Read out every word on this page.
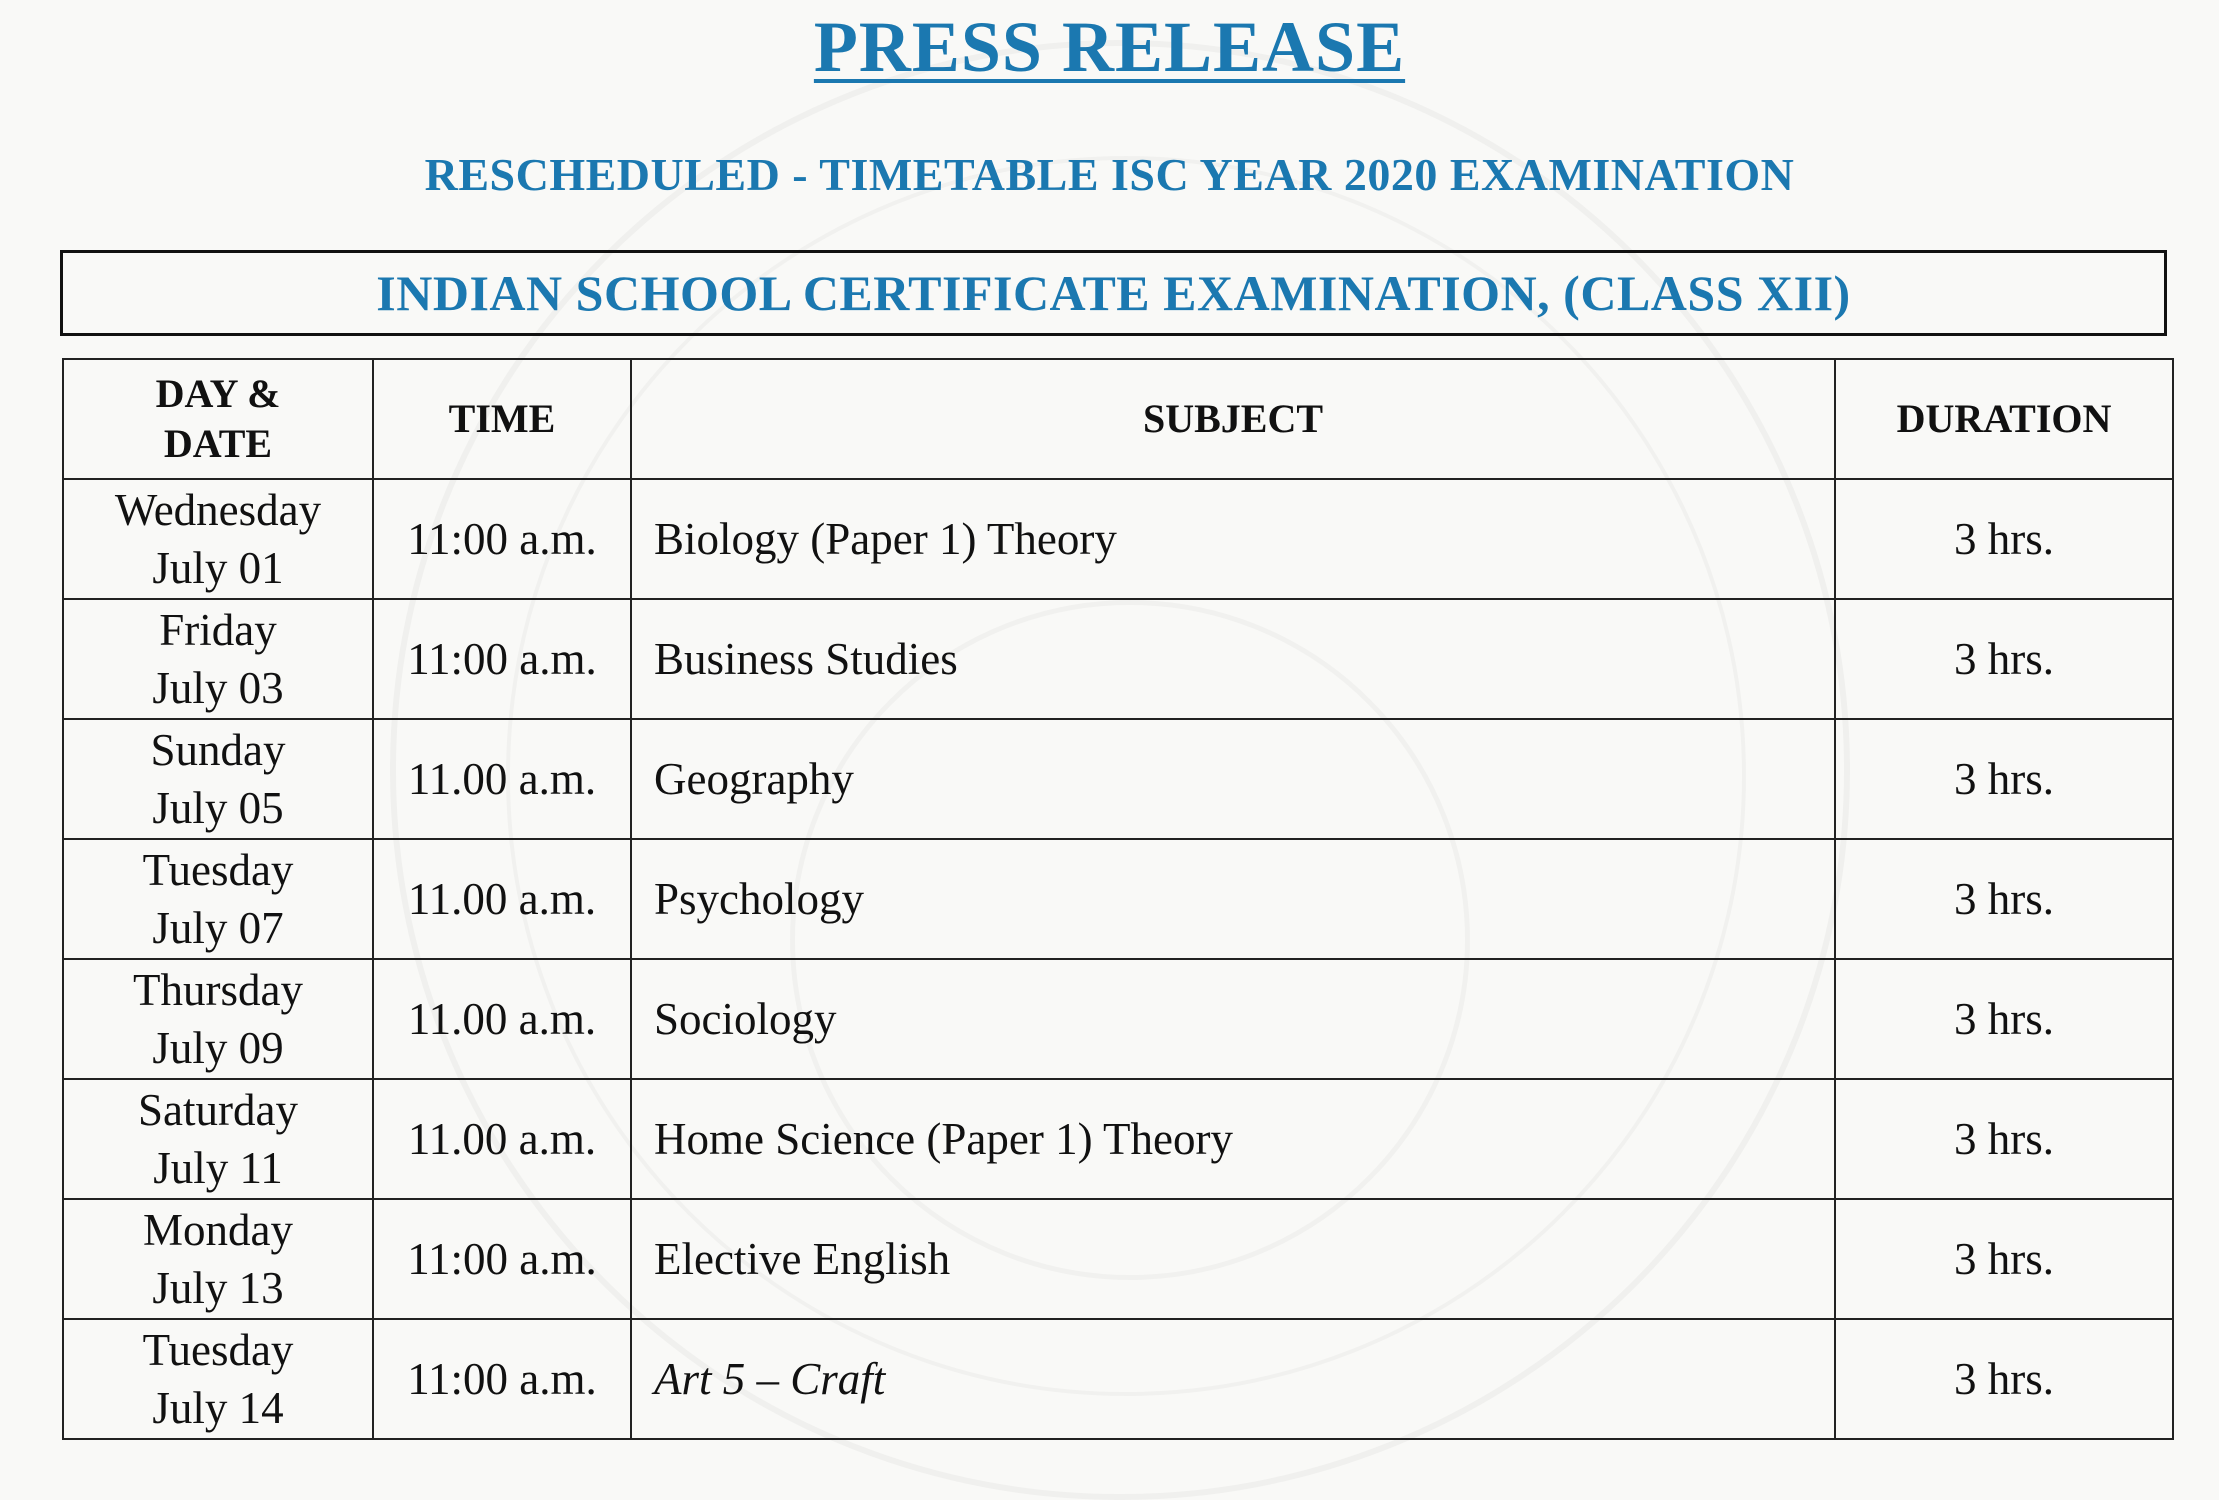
PRESS RELEASE
RESCHEDULED - TIMETABLE ISC YEAR 2020 EXAMINATION
INDIAN SCHOOL CERTIFICATE EXAMINATION, (CLASS XII)
DAY &
DATE	TIME	SUBJECT	DURATION

Wednesday
July 01	11:00 a.m.	Biology (Paper 1) Theory	3 hrs.

Friday
July 03	11:00 a.m.	Business Studies	3 hrs.

Sunday
July 05	11.00 a.m.	Geography	3 hrs.

Tuesday
July 07	11.00 a.m.	Psychology	3 hrs.

Thursday
July 09	11.00 a.m.	Sociology	3 hrs.

Saturday
July 11	11.00 a.m.	Home Science (Paper 1) Theory	3 hrs.

Monday
July 13	11:00 a.m.	Elective English	3 hrs.

Tuesday
July 14	11:00 a.m.	Art 5 – Craft	3 hrs.
